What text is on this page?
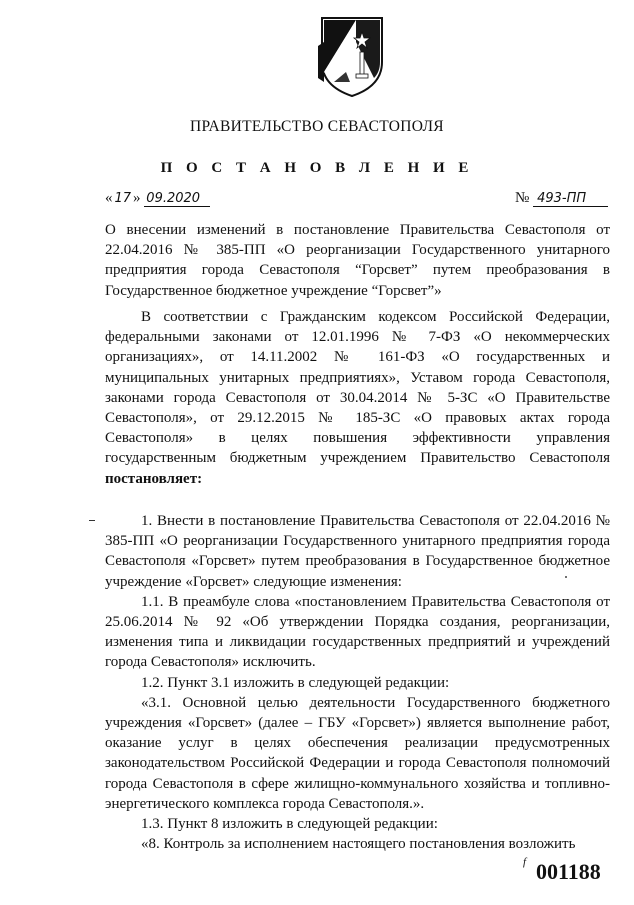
ПРАВИТЕЛЬСТВО СЕВАСТОПОЛЯ
П О С Т А Н О В Л Е Н И Е
« 17 » 09.2020	№ 493-ПП

О внесении изменений в постановление Правительства Севастополя от 22.04.2016 № 385-ПП «О реорганизации Государственного унитарного предприятия города Севастополя “Горсвет” путем преобразования в Государственное бюджетное учреждение “Горсвет”»

В соответствии с Гражданским кодексом Российской Федерации, федеральными законами от 12.01.1996 № 7-ФЗ «О некоммерческих организациях», от 14.11.2002 № 161-ФЗ «О государственных и муниципальных унитарных предприятиях», Уставом города Севастополя, законами города Севастополя от 30.04.2014 № 5-ЗС «О Правительстве Севастополя», от 29.12.2015 № 185-ЗС «О правовых актах города Севастополя» в целях повышения эффективности управления государственным бюджетным учреждением Правительство Севастополя постановляет:

1. Внести в постановление Правительства Севастополя от 22.04.2016 № 385-ПП «О реорганизации Государственного унитарного предприятия города Севастополя «Горсвет» путем преобразования в Государственное бюджетное учреждение «Горсвет» следующие изменения:

1.1. В преамбуле слова «постановлением Правительства Севастополя от 25.06.2014 № 92 «Об утверждении Порядка создания, реорганизации, изменения типа и ликвидации государственных предприятий и учреждений города Севастополя» исключить.

1.2. Пункт 3.1 изложить в следующей редакции:

«3.1. Основной целью деятельности Государственного бюджетного учреждения «Горсвет» (далее – ГБУ «Горсвет») является выполнение работ, оказание услуг в целях обеспечения реализации предусмотренных законодательством Российской Федерации и города Севастополя полномочий города Севастополя в сфере жилищно-коммунального хозяйства и топливно-энергетического комплекса города Севастополя.».

1.3. Пункт 8 изложить в следующей редакции:

«8. Контроль за исполнением настоящего постановления возложить

f 001188
